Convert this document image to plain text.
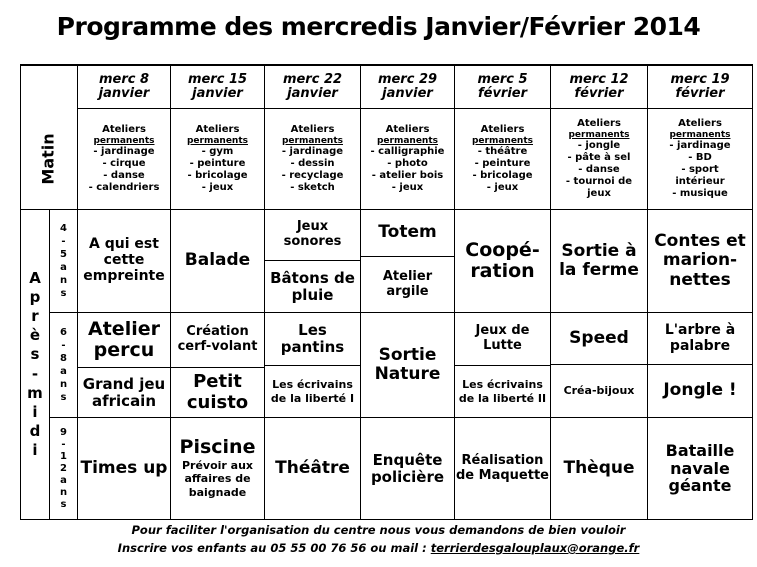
Programme des mercredis Janvier/Février 2014
merc 8
janvier
merc 15
janvier
merc 22
janvier
merc 29
janvier
merc 5
février
merc 12
février
merc 19
février
Matin
Ateliers
permanents
- jardinage
- cirque
- danse
- calendriers
Ateliers
permanents
- gym
- peinture
- bricolage
- jeux
Ateliers
permanents
- jardinage
- dessin
- recyclage
- sketch
Ateliers
permanents
- calligraphie
- photo
- atelier bois
- jeux
Ateliers
permanents
- théâtre
- peinture
- bricolage
- jeux
Ateliers
permanents
- jongle
- pâte à sel
- danse
- tournoi de
jeux
Ateliers
permanents
- jardinage
- BD
- sport
intérieur
- musique
A
p
r
è
s
-
m
i
d
i
4
-
5
a
n
s
6
-
8
a
n
s
9
-
1
2
a
n
s
A qui est cette empreinte
Atelier percu
Grand jeu africain
Times up
Balade
Création cerf-volant
Petit cuisto
Piscine
Prévoir aux affaires de baignade
Jeux sonores
Bâtons de pluie
Les pantins
Les écrivains de la liberté I
Théâtre
Totem
Atelier argile
Sortie Nature
Enquête policière
Coopé-ration
Jeux de Lutte
Les écrivains de la liberté II
Réalisation de Maquette
Sortie à la ferme
Speed
Créa-bijoux
Thèque
Contes et marion-nettes
L'arbre à palabre
Jongle !
Bataille navale géante
Pour faciliter l'organisation du centre nous vous demandons de bien vouloir
Inscrire vos enfants au 05 55 00 76 56 ou mail : terrierdesgalouplaux@orange.fr
